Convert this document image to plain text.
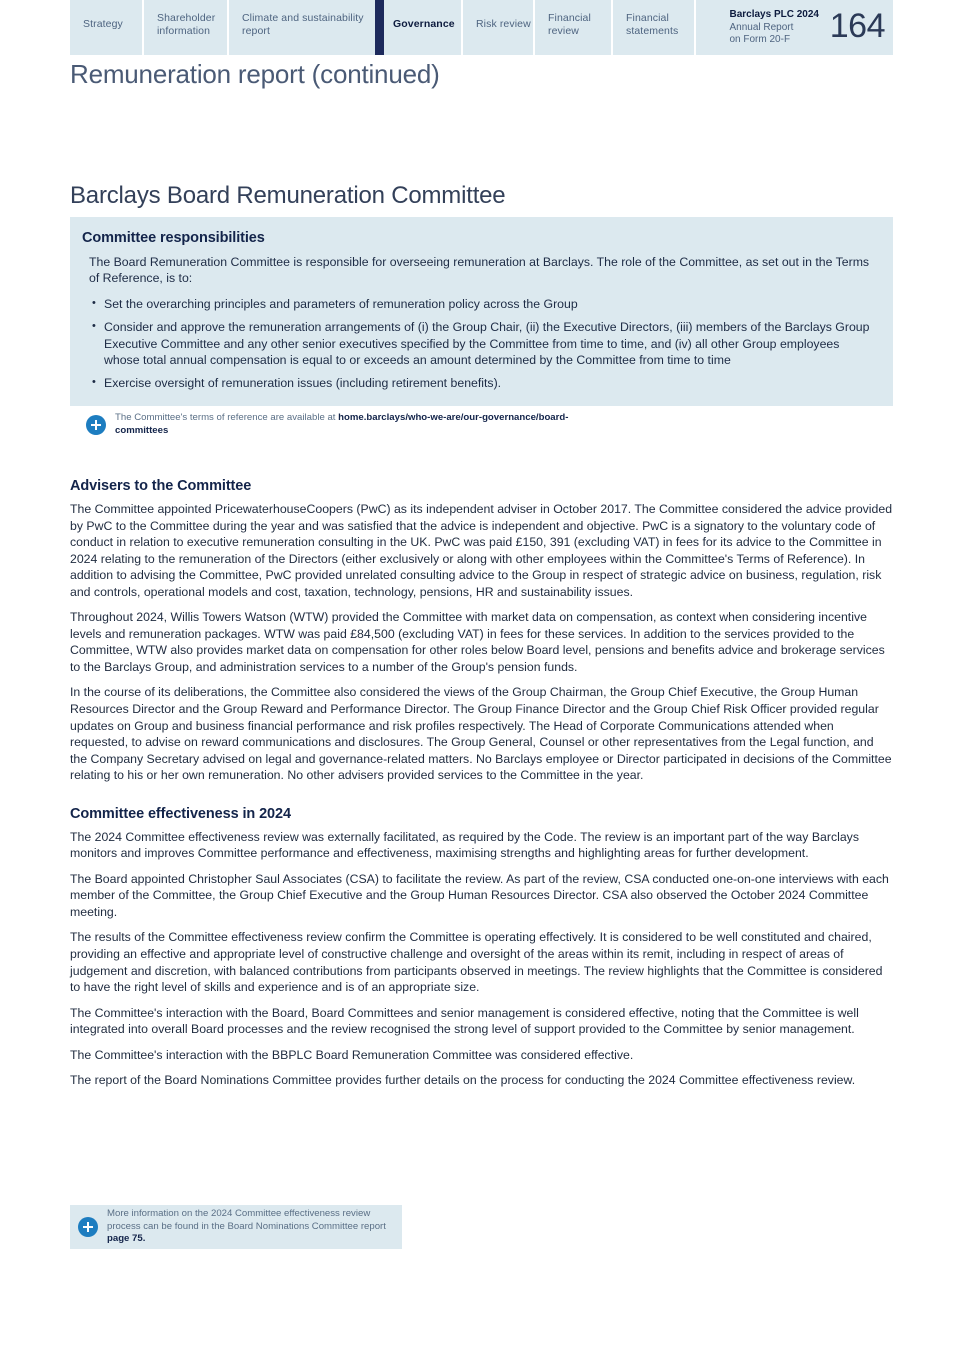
Strategy
Shareholder information
Climate and sustainability report
Governance Risk review
Financial review
Financial statements
Barclays PLC 2024
Annual Report
on Form 20-F	164
Remuneration report (continued)
Barclays Board Remuneration Committee
Committee responsibilities

The Board Remuneration Committee is responsible for overseeing remuneration at Barclays. The role of the Committee, as set out in the Terms of Reference, is to:

• Set the overarching principles and parameters of remuneration policy across the Group
• Consider and approve the remuneration arrangements of (i) the Group Chair, (ii) the Executive Directors, (iii) members of the Barclays Group Executive Committee and any other senior executives specified by the Committee from time to time, and (iv) all other Group employees whose total annual compensation is equal to or exceeds an amount determined by the Committee from time to time
• Exercise oversight of remuneration issues (including retirement benefits).
The Committee's terms of reference are available at home.barclays/who-we-are/our-governance/board-committees
Advisers to the Committee

The Committee appointed PricewaterhouseCoopers (PwC) as its independent adviser in October 2017. The Committee considered the advice provided by PwC to the Committee during the year and was satisfied that the advice is independent and objective. PwC is a signatory to the voluntary code of conduct in relation to executive remuneration consulting in the UK. PwC was paid £150, 391 (excluding VAT) in fees for its advice to the Committee in 2024 relating to the remuneration of the Directors (either exclusively or along with other employees within the Committee's Terms of Reference). In addition to advising the Committee, PwC provided unrelated consulting advice to the Group in respect of strategic advice on business, regulation, risk and controls, operational models and cost, taxation, technology, pensions, HR and sustainability issues.

Throughout 2024, Willis Towers Watson (WTW) provided the Committee with market data on compensation, as context when considering incentive levels and remuneration packages. WTW was paid £84,500 (excluding VAT) in fees for these services. In addition to the services provided to the Committee, WTW also provides market data on compensation for other roles below Board level, pensions and benefits advice and brokerage services to the Barclays Group, and administration services to a number of the Group's pension funds.

In the course of its deliberations, the Committee also considered the views of the Group Chairman, the Group Chief Executive, the Group Human Resources Director and the Group Reward and Performance Director. The Group Finance Director and the Group Chief Risk Officer provided regular updates on Group and business financial performance and risk profiles respectively. The Head of Corporate Communications attended when requested, to advise on reward communications and disclosures. The Group General, Counsel or other representatives from the Legal function, and the Company Secretary advised on legal and governance-related matters. No Barclays employee or Director participated in decisions of the Committee relating to his or her own remuneration. No other advisers provided services to the Committee in the year.

Committee effectiveness in 2024

The 2024 Committee effectiveness review was externally facilitated, as required by the Code. The review is an important part of the way Barclays monitors and improves Committee performance and effectiveness, maximising strengths and highlighting areas for further development.

The Board appointed Christopher Saul Associates (CSA) to facilitate the review. As part of the review, CSA conducted one-on-one interviews with each member of the Committee, the Group Chief Executive and the Group Human Resources Director. CSA also observed the October 2024 Committee meeting.

The results of the Committee effectiveness review confirm the Committee is operating effectively. It is considered to be well constituted and chaired, providing an effective and appropriate level of constructive challenge and oversight of the areas within its remit, including in respect of areas of judgement and discretion, with balanced contributions from participants observed in meetings. The review highlights that the Committee is considered to have the right level of skills and experience and is of an appropriate size.

The Committee's interaction with the Board, Board Committees and senior management is considered effective, noting that the Committee is well integrated into overall Board processes and the review recognised the strong level of support provided to the Committee by senior management.

The Committee's interaction with the BBPLC Board Remuneration Committee was considered effective.

The report of the Board Nominations Committee provides further details on the process for conducting the 2024 Committee effectiveness review.

More information on the 2024 Committee effectiveness review process can be found in the Board Nominations Committee report page 75.
